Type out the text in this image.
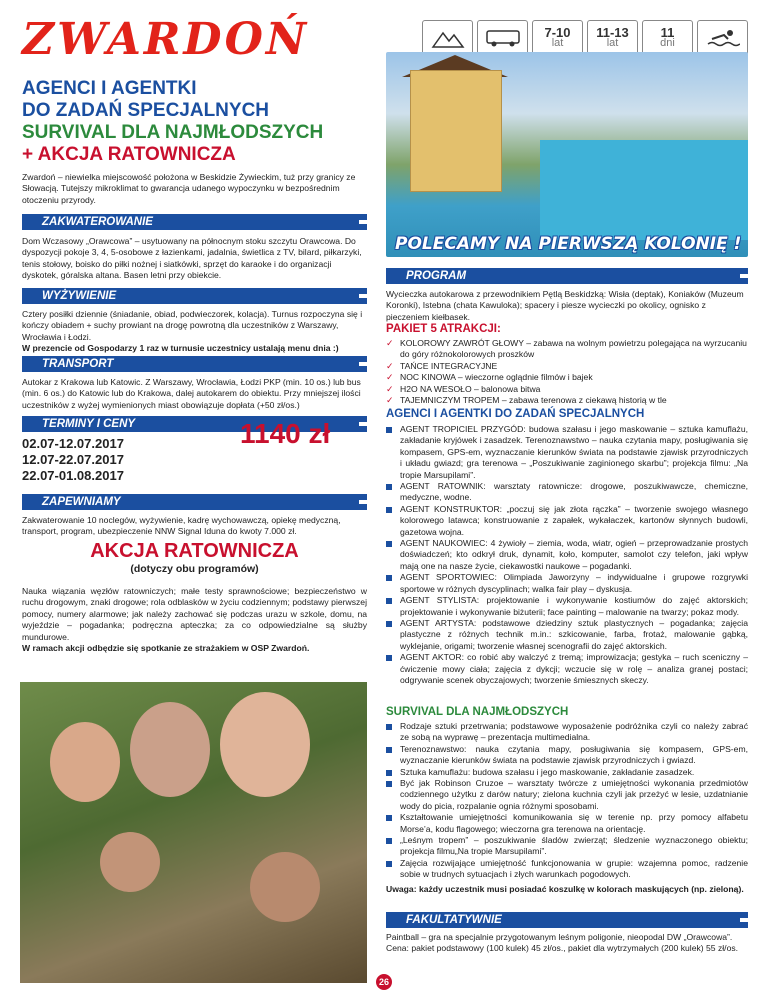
ZWARDOŃ	7-10
lat
11-13
lat
11
dni
AGENCI I AGENTKI
DO ZADAŃ SPECJALNYCH
SURVIVAL DLA NAJMŁODSZYCH
+ AKCJA RATOWNICZA
Zwardoń – niewielka miejscowość położona w Beskidzie Żywieckim, tuż przy granicy ze Słowacją. Tutejszy mikroklimat to gwarancja udanego wypoczynku w bezpośrednim otoczeniu przyrody.
ZAKWATEROWANIE
Dom Wczasowy „Orawcowa” – usytuowany na północnym stoku szczytu Orawcowa. Do dyspozycji pokoje 3, 4, 5-osobowe z łazienkami, jadalnia, świetlica z TV, bilard, piłkarzyki, tenis stołowy, boisko do piłki nożnej i siatkówki, sprzęt do karaoke i do organizacji dyskotek, góralska altana. Basen letni przy obiekcie.
WYŻYWIENIE
Cztery posiłki dziennie (śniadanie, obiad, podwieczorek, kolacja). Turnus rozpoczyna się i kończy obiadem + suchy prowiant na drogę powrotną dla uczestników z Warszawy, Wrocławia i Łodzi.
W prezencie od Gospodarzy 1 raz w turnusie uczestnicy ustalają menu dnia :)
TRANSPORT
Autokar z Krakowa lub Katowic. Z Warszawy, Wrocławia, Łodzi PKP (min. 10 os.) lub bus (min. 6 os.) do Katowic lub do Krakowa, dalej autokarem do obiektu. Przy mniejszej ilości uczestników z wyżej wymienionych miast obowiązuje dopłata (+50 zł/os.)
TERMINY I CENY
02.07-12.07.2017
12.07-22.07.2017
22.07-01.08.2017
1140 zł
ZAPEWNIAMY
Zakwaterowanie 10 noclegów, wyżywienie, kadrę wychowawczą, opiekę medyczną, transport, program, ubezpieczenie NNW Signal Iduna do kwoty 7.000 zł.
AKCJA RATOWNICZA
(dotyczy obu programów)
Nauka wiązania węzłów ratowniczych; małe testy sprawnościowe; bezpieczeństwo w ruchu drogowym, znaki drogowe; rola odblasków w życiu codziennym; podstawy pierwszej pomocy, numery alarmowe; jak należy zachować się podczas urazu w szkole, domu, na wyjeździe – pogadanka; podręczna apteczka; za co odpowiedzialne są służby mundurowe.
W ramach akcji odbędzie się spotkanie ze strażakiem w OSP Zwardoń.
POLECAMY NA PIERWSZĄ KOLONIĘ !
PROGRAM
Wycieczka autokarowa z przewodnikiem Pętlą Beskidzką: Wisła (deptak), Koniaków (Muzeum Koronki), Istebna (chata Kawuloka); spacery i piesze wycieczki po okolicy, ognisko z pieczeniem kiełbasek.
PAKIET 5 ATRAKCJI:
✓ KOLOROWY ZAWRÓT GŁOWY – zabawa na wolnym powietrzu polegająca na wyrzucaniu do góry różnokolorowych proszków
✓ TAŃCE INTEGRACYJNE
✓ NOC KINOWA – wieczorne oglądnie filmów i bajek
✓ H2O NA WESOŁO – balonowa bitwa
✓ TAJEMNICZYM TROPEM – zabawa terenowa z ciekawą historią w tle
AGENCI I AGENTKI DO ZADAŃ SPECJALNYCH
AGENT TROPICIEL PRZYGÓD: budowa szałasu i jego maskowanie – sztuka kamuflażu, zakładanie kryjówek i zasadzek. Terenoznawstwo – nauka czytania mapy, posługiwania się kompasem, GPS-em, wyznaczanie kierunków świata na podstawie zjawisk przyrodniczych i układu gwiazd; gra terenowa – „Poszukiwanie zaginionego skarbu”; projekcja filmu: „Na tropie Marsupilami”.
AGENT RATOWNIK: warsztaty ratownicze: drogowe, poszukiwawcze, chemiczne, medyczne, wodne.
AGENT KONSTRUKTOR: „poczuj się jak złota rączka” – tworzenie swojego własnego kolorowego latawca; konstruowanie z zapałek, wykałaczek, kartonów słynnych budowli, gazetowa wojna.
AGENT NAUKOWIEC: 4 żywioły – ziemia, woda, wiatr, ogień – przeprowadzanie prostych doświadczeń; kto odkrył druk, dynamit, koło, komputer, samolot czy telefon, jaki wpływ mają one na nasze życie, ciekawostki naukowe – pogadanki.
AGENT SPORTOWIEC: Olimpiada Jaworzyny – indywidualne i grupowe rozgrywki sportowe w różnych dyscyplinach; walka fair play – dyskusja.
AGENT STYLISTA: projektowanie i wykonywanie kostiumów do zajęć aktorskich; projektowanie i wykonywanie biżuterii; face painting – malowanie na twarzy; pokaz mody.
AGENT ARTYSTA: podstawowe dziedziny sztuk plastycznych – pogadanka; zajęcia plastyczne z różnych technik m.in.: szkicowanie, farba, frotaż, malowanie gąbką, wyklejanie, origami; tworzenie własnej scenografii do zajęć aktorskich.
AGENT AKTOR: co robić aby walczyć z tremą; improwizacja; gestyka – ruch sceniczny – ćwiczenie mowy ciała; zajęcia z dykcji; wczucie się w rolę – analiza granej postaci; odgrywanie scenek obyczajowych; tworzenie śmiesznych skeczy.
SURVIVAL DLA NAJMŁODSZYCH
Rodzaje sztuki przetrwania; podstawowe wyposażenie podróżnika czyli co należy zabrać ze sobą na wyprawę – prezentacja multimedialna.
Terenoznawstwo: nauka czytania mapy, posługiwania się kompasem, GPS-em, wyznaczanie kierunków świata na podstawie zjawisk przyrodniczych i gwiazd.
Sztuka kamuflażu: budowa szałasu i jego maskowanie, zakładanie zasadzek.
Być jak Robinson Cruzoe – warsztaty twórcze z umiejętności wykonania przedmiotów codziennego użytku z darów natury; zielona kuchnia czyli jak przeżyć w lesie, uzdatnianie wody do picia, rozpalanie ognia różnymi sposobami.
Kształtowanie umiejętności komunikowania się w terenie np. przy pomocy alfabetu Morse’a, kodu flagowego; wieczorna gra terenowa na orientację.
„Leśnym tropem” – poszukiwanie śladów zwierząt; śledzenie wyznaczonego obiektu; projekcja filmu„Na tropie Marsupilami”.
Zajęcia rozwijające umiejętność funkcjonowania w grupie: wzajemna pomoc, radzenie sobie w trudnych sytuacjach i złych warunkach pogodowych.
Uwaga: każdy uczestnik musi posiadać koszulkę w kolorach maskujących (np. zieloną).
FAKULTATYWNIE
Paintball – gra na specjalnie przygotowanym leśnym poligonie, nieopodal DW „Orawcowa”. Cena: pakiet podstawowy (100 kulek) 45 zł/os., pakiet dla wytrzymałych (200 kulek) 55 zł/os.
26
